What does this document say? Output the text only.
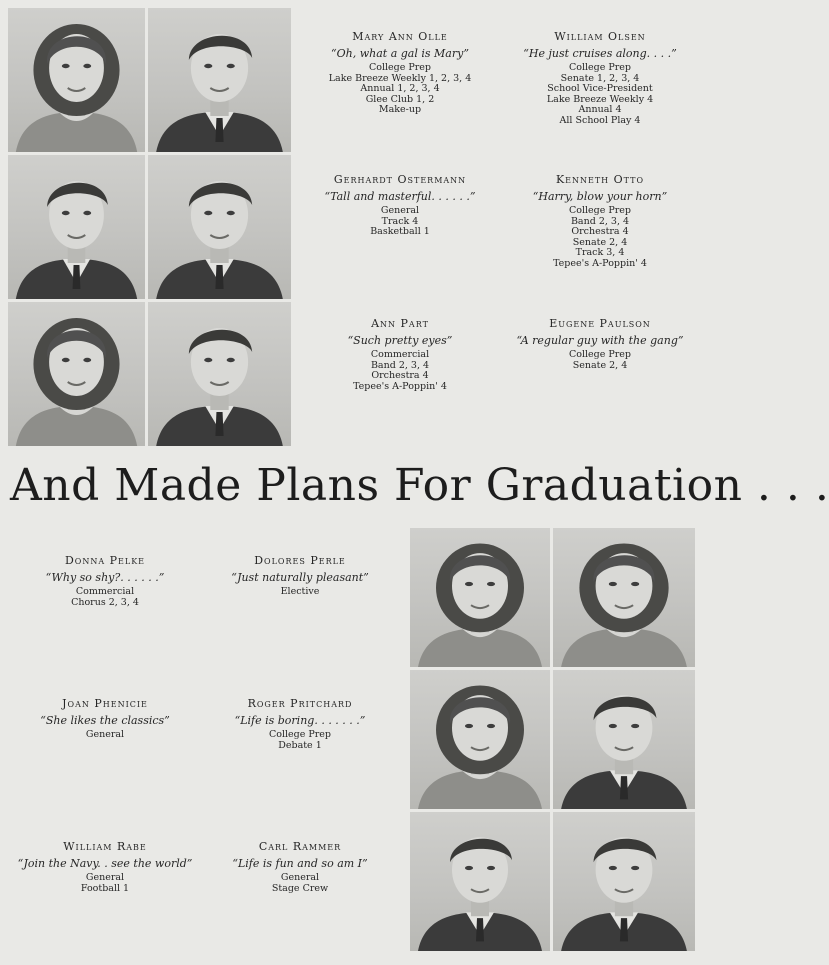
Mary Ann Olle
“Oh, what a gal is Mary”
College Prep
Lake Breeze Weekly 1, 2, 3, 4
Annual 1, 2, 3, 4
Glee Club 1, 2
Make-up
William Olsen
“He just cruises along. . . .”
College Prep
Senate 1, 2, 3, 4
School Vice-President
Lake Breeze Weekly 4
Annual 4
All School Play 4
Gerhardt Ostermann
“Tall and masterful. . . . . .”
General
Track 4
Basketball 1
Kenneth Otto
“Harry, blow your horn”
College Prep
Band 2, 3, 4
Orchestra 4
Senate 2, 4
Track 3, 4
Tepee's A-Poppin' 4
Ann Part
“Such pretty eyes”
Commercial
Band 2, 3, 4
Orchestra 4
Tepee's A-Poppin' 4
Eugene Paulson
“A regular guy with the gang”
College Prep
Senate 2, 4
And Made Plans For Graduation . . .
Donna Pelke
“Why so shy?. . . . . .”
Commercial
Chorus 2, 3, 4
Dolores Perle
“Just naturally pleasant”
Elective
Joan Phenicie
“She likes the classics”
General
Roger Pritchard
“Life is boring. . . . . . .”
College Prep
Debate 1
William Rabe
“Join the Navy. . see the world”
General
Football 1
Carl Rammer
“Life is fun and so am I”
General
Stage Crew
